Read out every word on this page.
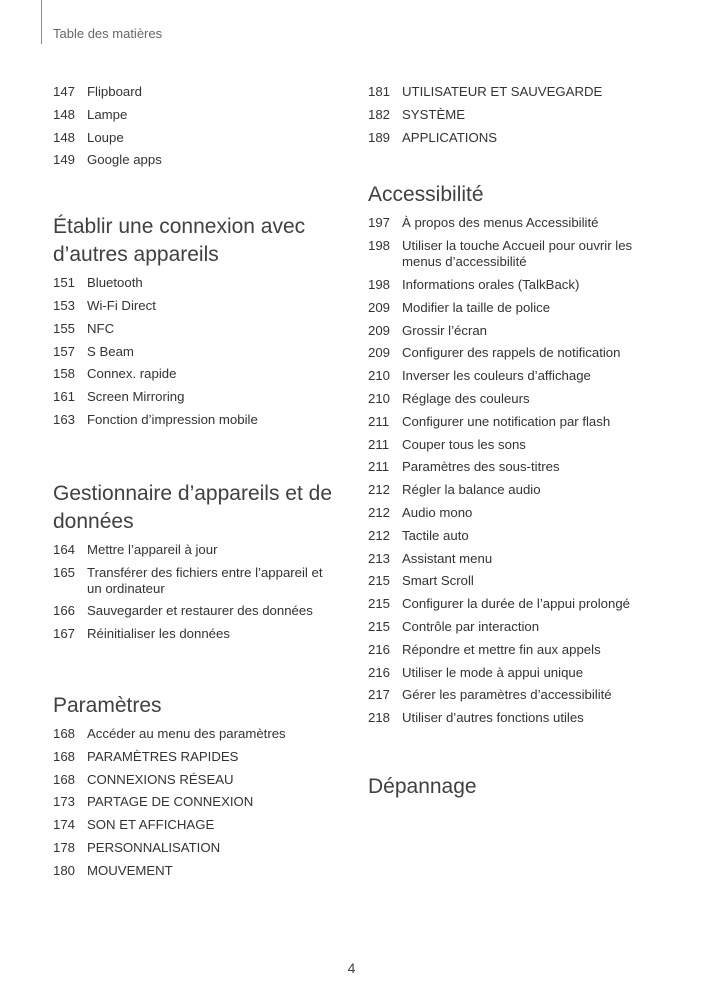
Table des matières
147 Flipboard
148 Lampe
148 Loupe
149 Google apps
Établir une connexion avec d’autres appareils
151 Bluetooth
153 Wi-Fi Direct
155 NFC
157 S Beam
158 Connex. rapide
161 Screen Mirroring
163 Fonction d’impression mobile
Gestionnaire d’appareils et de données
164 Mettre l’appareil à jour
165 Transférer des fichiers entre l’appareil et un ordinateur
166 Sauvegarder et restaurer des données
167 Réinitialiser les données
Paramètres
168 Accéder au menu des paramètres
168 PARAMÈTRES RAPIDES
168 CONNEXIONS RÉSEAU
173 PARTAGE DE CONNEXION
174 SON ET AFFICHAGE
178 PERSONNALISATION
180 MOUVEMENT
181 UTILISATEUR ET SAUVEGARDE
182 SYSTÈME
189 APPLICATIONS
Accessibilité
197 À propos des menus Accessibilité
198 Utiliser la touche Accueil pour ouvrir les menus d’accessibilité
198 Informations orales (TalkBack)
209 Modifier la taille de police
209 Grossir l’écran
209 Configurer des rappels de notification
210 Inverser les couleurs d’affichage
210 Réglage des couleurs
211 Configurer une notification par flash
211 Couper tous les sons
211 Paramètres des sous-titres
212 Régler la balance audio
212 Audio mono
212 Tactile auto
213 Assistant menu
215 Smart Scroll
215 Configurer la durée de l’appui prolongé
215 Contrôle par interaction
216 Répondre et mettre fin aux appels
216 Utiliser le mode à appui unique
217 Gérer les paramètres d’accessibilité
218 Utiliser d’autres fonctions utiles
Dépannage
4
